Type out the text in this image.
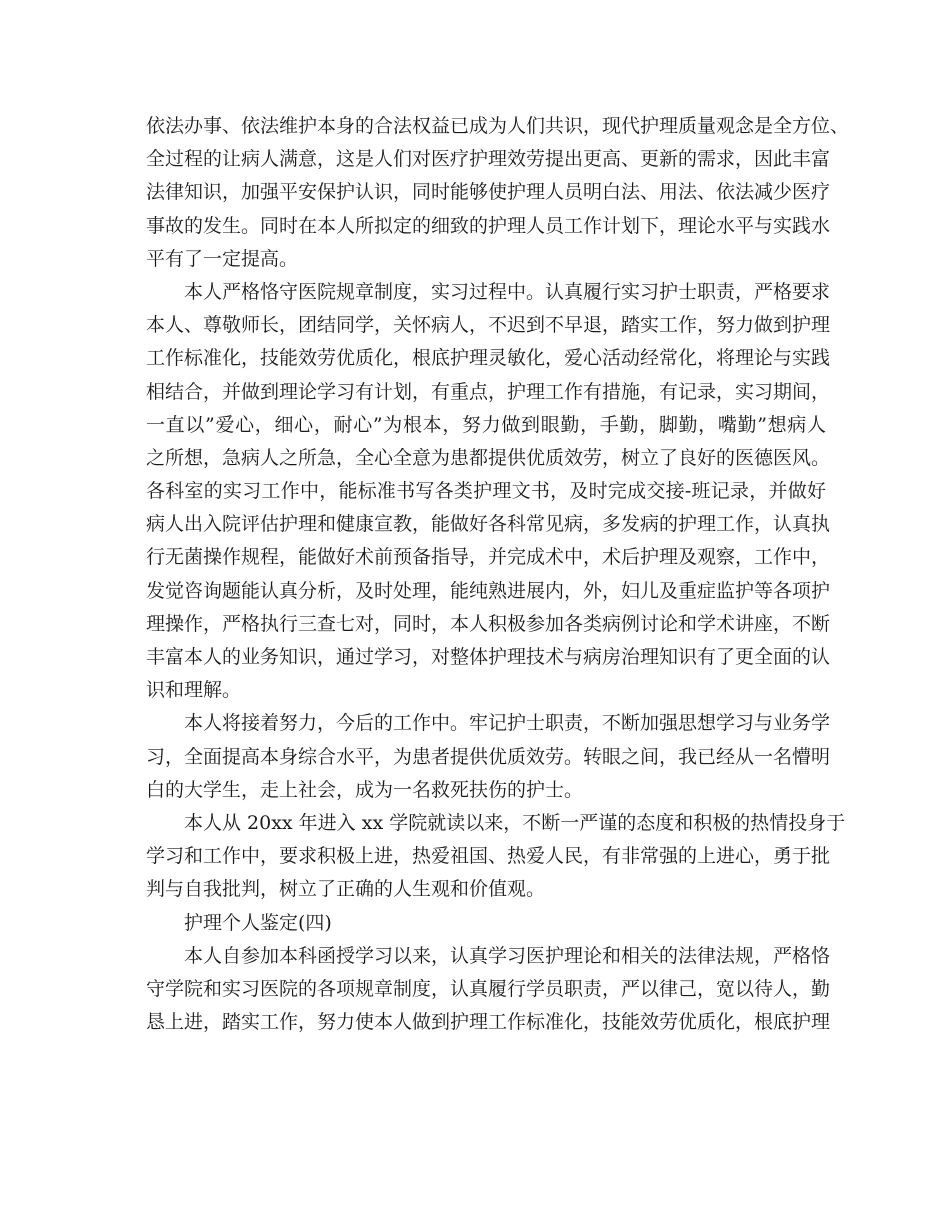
依法办事、依法维护本身的合法权益已成为人们共识，现代护理质量观念是全方位、
全过程的让病人满意，这是人们对医疗护理效劳提出更高、更新的需求，因此丰富
法律知识，加强平安保护认识，同时能够使护理人员明白法、用法、依法减少医疗
事故的发生。同时在本人所拟定的细致的护理人员工作计划下，理论水平与实践水
平有了一定提高。
本人严格恪守医院规章制度，实习过程中。认真履行实习护士职责，严格要求
本人、尊敬师长，团结同学，关怀病人，不迟到不早退，踏实工作，努力做到护理
工作标准化，技能效劳优质化，根底护理灵敏化，爱心活动经常化，将理论与实践
相结合，并做到理论学习有计划，有重点，护理工作有措施，有记录，实习期间，
一直以”爱心，细心，耐心”为根本，努力做到眼勤，手勤，脚勤，嘴勤”想病人
之所想，急病人之所急，全心全意为患都提供优质效劳，树立了良好的医德医风。
各科室的实习工作中，能标准书写各类护理文书，及时完成交接-班记录，并做好
病人出入院评估护理和健康宣教，能做好各科常见病，多发病的护理工作，认真执
行无菌操作规程，能做好术前预备指导，并完成术中，术后护理及观察，工作中，
发觉咨询题能认真分析，及时处理，能纯熟进展内，外，妇儿及重症监护等各项护
理操作，严格执行三查七对，同时，本人积极参加各类病例讨论和学术讲座，不断
丰富本人的业务知识，通过学习，对整体护理技术与病房治理知识有了更全面的认
识和理解。
本人将接着努力，今后的工作中。牢记护士职责，不断加强思想学习与业务学
习，全面提高本身综合水平，为患者提供优质效劳。转眼之间，我已经从一名懵明
白的大学生，走上社会，成为一名救死扶伤的护士。
本人从 20xx 年进入 xx 学院就读以来，不断一严谨的态度和积极的热情投身于
学习和工作中，要求积极上进，热爱祖国、热爱人民，有非常强的上进心，勇于批
判与自我批判，树立了正确的人生观和价值观。
护理个人鉴定(四)
本人自参加本科函授学习以来，认真学习医护理论和相关的法律法规，严格恪
守学院和实习医院的各项规章制度，认真履行学员职责，严以律己，宽以待人，勤
恳上进，踏实工作，努力使本人做到护理工作标准化，技能效劳优质化，根底护理
